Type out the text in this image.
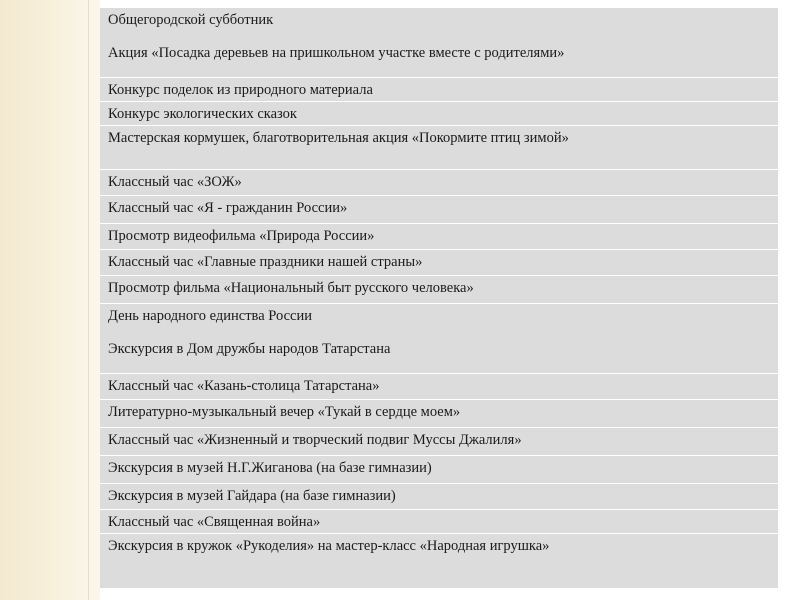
Общегородской субботник
Акция «Посадка деревьев на пришкольном участке вместе с родителями»
Конкурс поделок из природного материала
Конкурс экологических сказок
Мастерская кормушек, благотворительная акция «Покормите птиц зимой»
Классный час «ЗОЖ»
Классный час «Я - гражданин России»
Просмотр видеофильма «Природа России»
Классный час «Главные праздники нашей страны»
Просмотр фильма «Национальный быт русского человека»
День народного единства России
Экскурсия в Дом дружбы народов Татарстана
Классный час «Казань-столица Татарстана»
Литературно-музыкальный вечер «Тукай в сердце моем»
Классный час «Жизненный и творческий подвиг Муссы Джалиля»
Экскурсия в музей Н.Г.Жиганова (на базе гимназии)
Экскурсия в музей Гайдара (на базе гимназии)
Классный час «Священная война»
Экскурсия в кружок «Рукоделия» на мастер-класс «Народная игрушка»
